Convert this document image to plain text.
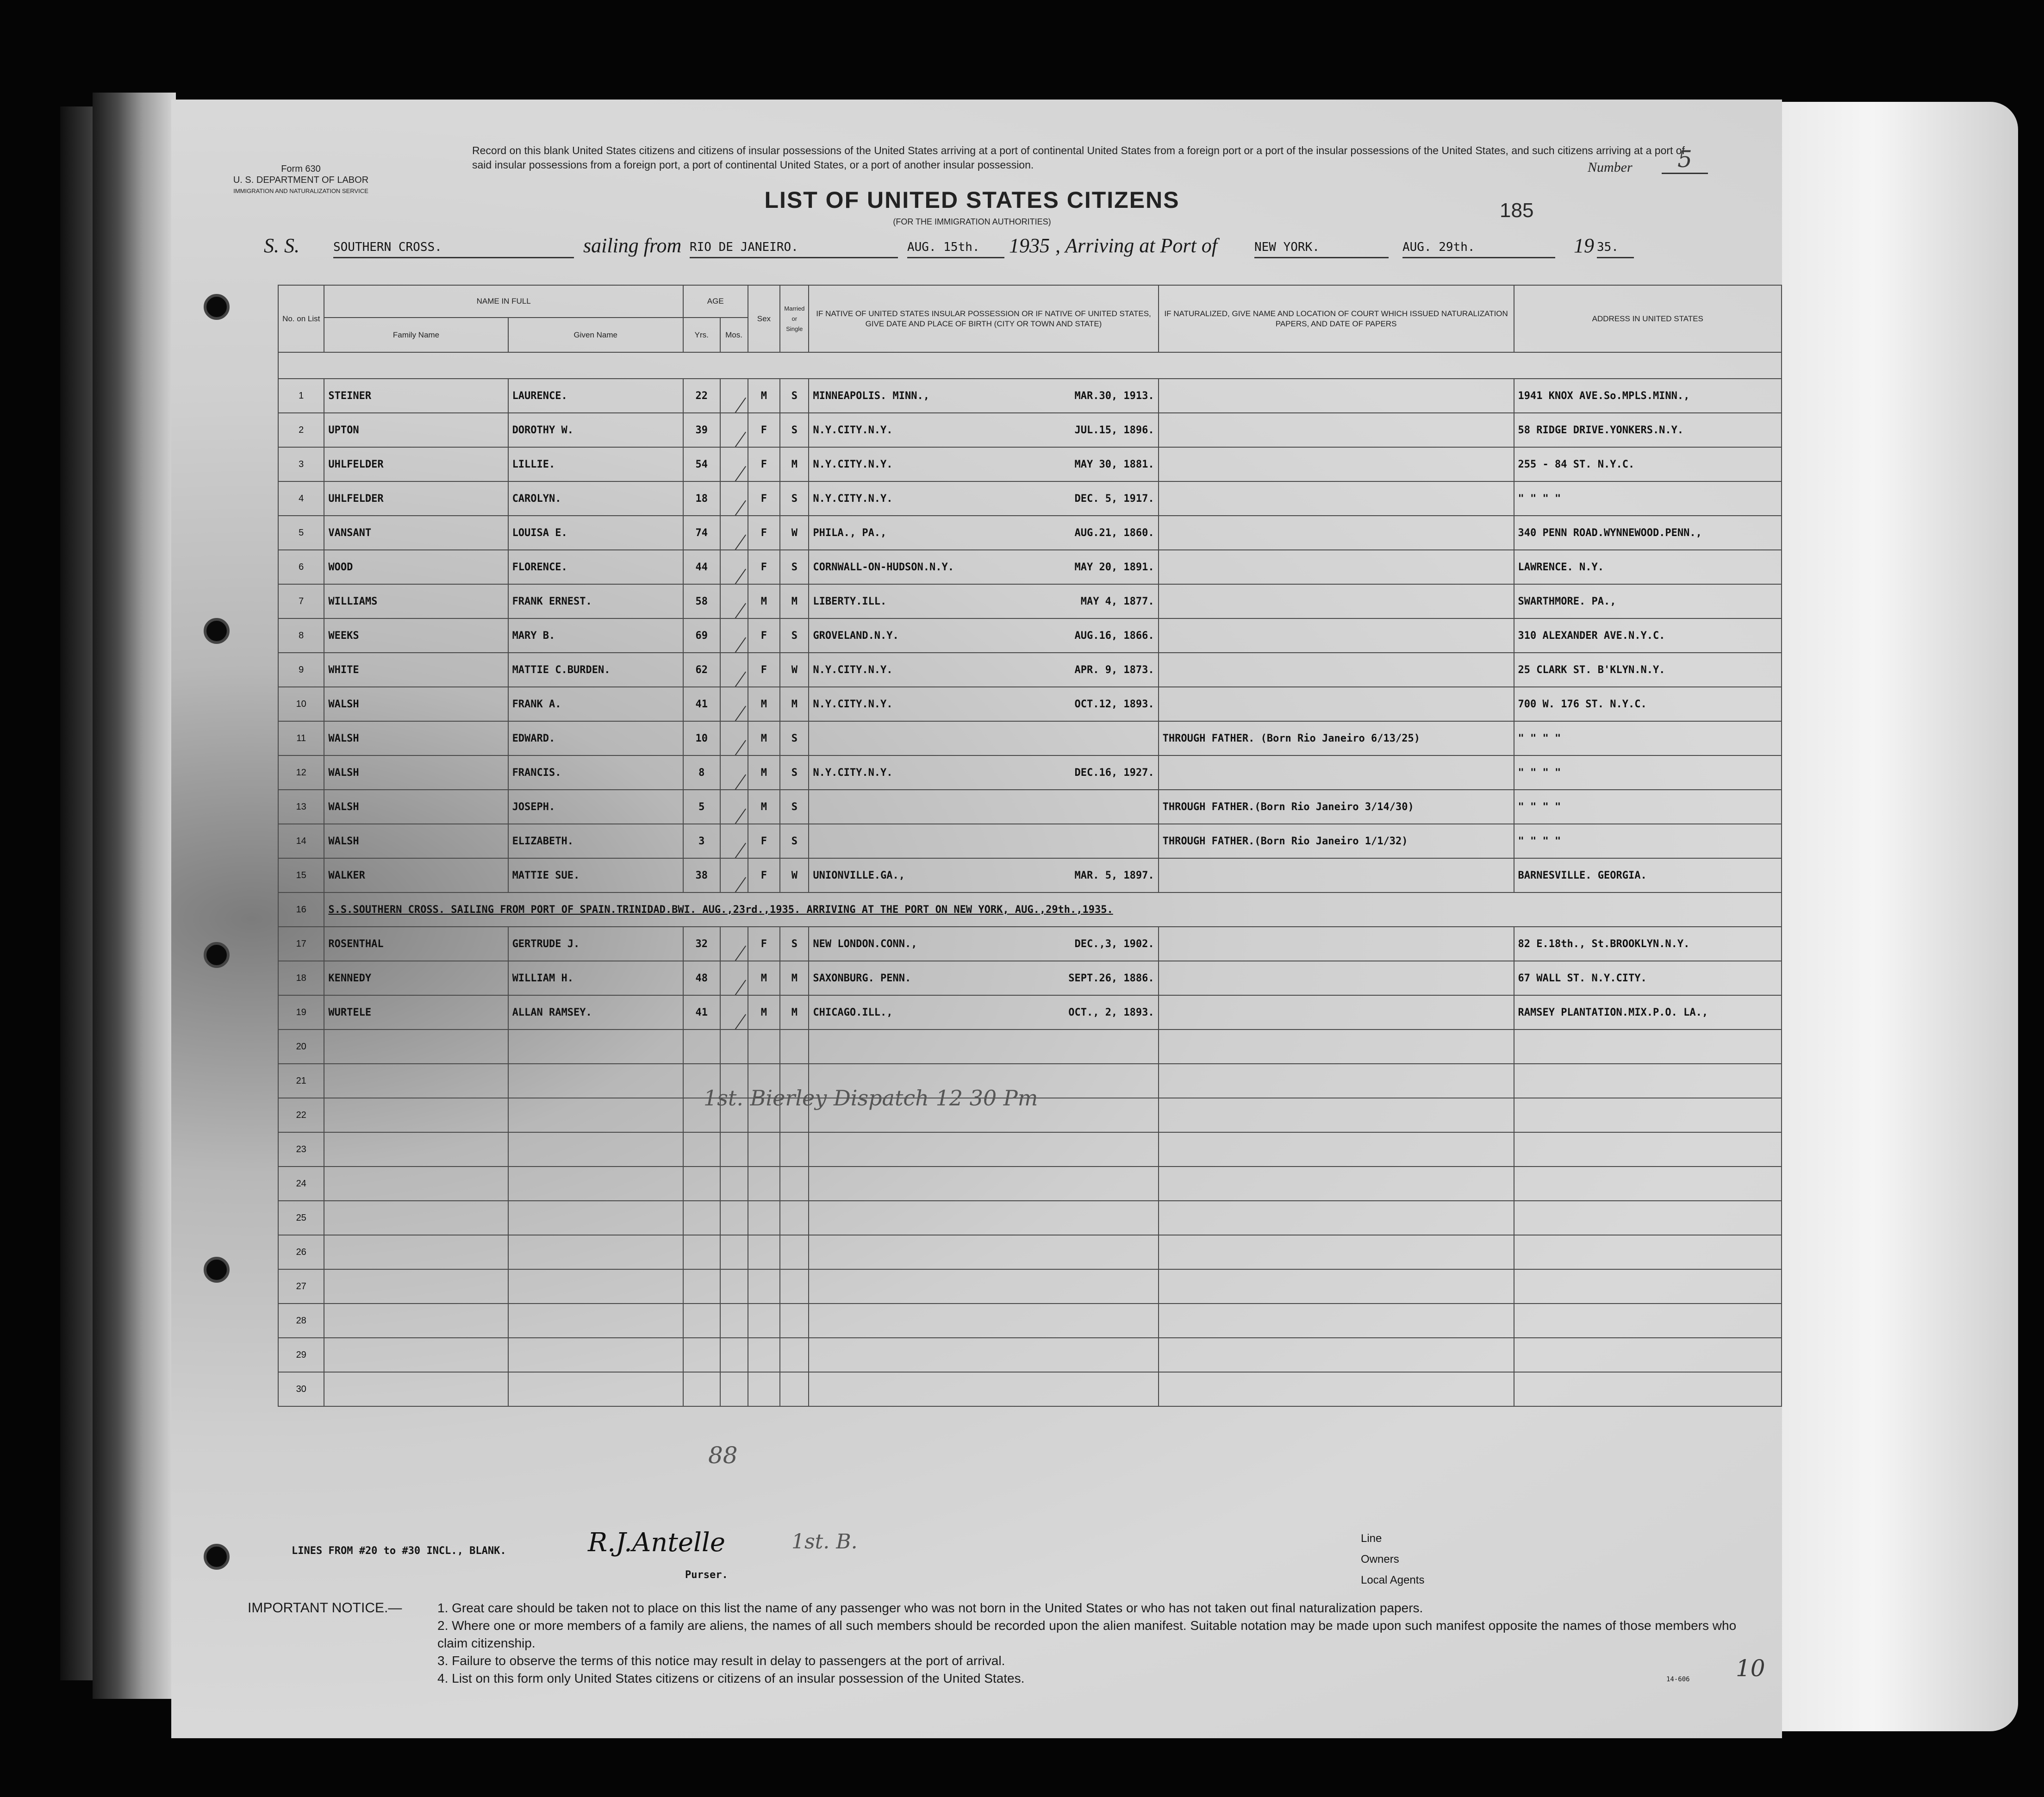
Form 630
U. S. DEPARTMENT OF LABOR
IMMIGRATION AND NATURALIZATION SERVICE
Record on this blank United States citizens and citizens of insular possessions of the United States arriving at a port of continental United States from a foreign port or a port of the insular possessions of the United States, and such citizens arriving at a port of said insular possessions from a foreign port, a port of continental United States, or a port of another insular possession.
LIST OF UNITED STATES CITIZENS
(FOR THE IMMIGRATION AUTHORITIES)
Number	5
185
S. S.	SOUTHERN CROSS.	sailing from RIO DE JANEIRO.	AUG. 15th.	1935 , Arriving at Port of	NEW YORK.	AUG. 29th.	19 35.
No. on List	NAME IN FULL		AGE		Sex	Married or Single	IF NATIVE OF UNITED STATES INSULAR POSSESSION OR IF NATIVE OF UNITED STATES, GIVE DATE AND PLACE OF BIRTH (CITY OR TOWN AND STATE)	IF NATURALIZED, GIVE NAME AND LOCATION OF COURT WHICH ISSUED NATURALIZATION PAPERS, AND DATE OF PAPERS	ADDRESS IN UNITED STATES
	Family Name	Given Name	Yrs.	Mos.					

1	STEINER	LAURENCE.	22		M	S	MINNEAPOLIS. MINN., MAR.30, 1913.		1941 KNOX AVE.So.MPLS.MINN.,
2	UPTON	DOROTHY W.	39		F	S	N.Y.CITY.N.Y. JUL.15, 1896.		58 RIDGE DRIVE.YONKERS.N.Y.
3	UHLFELDER	LILLIE.	54		F	M	N.Y.CITY.N.Y. MAY 30, 1881.		255 - 84 ST. N.Y.C.
4	UHLFELDER	CAROLYN.	18		F	S	N.Y.CITY.N.Y. DEC. 5, 1917.		" " " "
5	VANSANT	LOUISA E.	74		F	W	PHILA., PA., AUG.21, 1860.		340 PENN ROAD.WYNNEWOOD.PENN.,
6	WOOD	FLORENCE.	44		F	S	CORNWALL-ON-HUDSON.N.Y. MAY 20, 1891.		LAWRENCE. N.Y.
7	WILLIAMS	FRANK ERNEST.	58		M	M	LIBERTY.ILL. MAY 4, 1877.		SWARTHMORE. PA.,
8	WEEKS	MARY B.	69		F	S	GROVELAND.N.Y. AUG.16, 1866.		310 ALEXANDER AVE.N.Y.C.
9	WHITE	MATTIE C.BURDEN.	62		F	W	N.Y.CITY.N.Y. APR. 9, 1873.		25 CLARK ST. B'KLYN.N.Y.
10	WALSH	FRANK A.	41		M	M	N.Y.CITY.N.Y. OCT.12, 1893.		700 W. 176 ST. N.Y.C.
11	WALSH	EDWARD.	10		M	S		THROUGH FATHER. (Born Rio Janeiro 6/13/25)	" " " "
12	WALSH	FRANCIS.	8		M	S	N.Y.CITY.N.Y. DEC.16, 1927.		" " " "
13	WALSH	JOSEPH.	5		M	S		THROUGH FATHER.(Born Rio Janeiro 3/14/30)	" " " "
14	WALSH	ELIZABETH.	3		F	S		THROUGH FATHER.(Born Rio Janeiro 1/1/32)	" " " "
15	WALKER	MATTIE SUE.	38		F	W	UNIONVILLE.GA., MAR. 5, 1897.		BARNESVILLE. GEORGIA.
16	S.S.SOUTHERN CROSS. SAILING FROM PORT OF SPAIN.TRINIDAD.BWI. AUG.,23rd.,1935. ARRIVING AT THE PORT ON NEW YORK, AUG.,29th.,1935.								
17	ROSENTHAL	GERTRUDE J.	32		F	S	NEW LONDON.CONN., DEC.,3, 1902.		82 E.18th., St.BROOKLYN.N.Y.
18	KENNEDY	WILLIAM H.	48		M	M	SAXONBURG. PENN. SEPT.26, 1886.		67 WALL ST. N.Y.CITY.
19	WURTELE	ALLAN RAMSEY.	41		M	M	CHICAGO.ILL., OCT., 2, 1893.		RAMSEY PLANTATION.MIX.P.O. LA.,
20									
21									
22									
23									
24									
25									
26									
27									
28									
29									
30									
88
1st. Bierley Dispatch 12 30 Pm
LINES FROM #20 to #30 INCL., BLANK.	R.J.Antelle	1st. B.
Purser.
Line
Owners
Local Agents
14-606 10
IMPORTANT NOTICE.—	1. Great care should be taken not to place on this list the name of any passenger who was not born in the United States or who has not taken out final naturalization papers.
2. Where one or more members of a family are aliens, the names of all such members should be recorded upon the alien manifest. Suitable notation may be made upon such manifest opposite the names of those members who claim citizenship.
3. Failure to observe the terms of this notice may result in delay to passengers at the port of arrival.
4. List on this form only United States citizens or citizens of an insular possession of the United States.
